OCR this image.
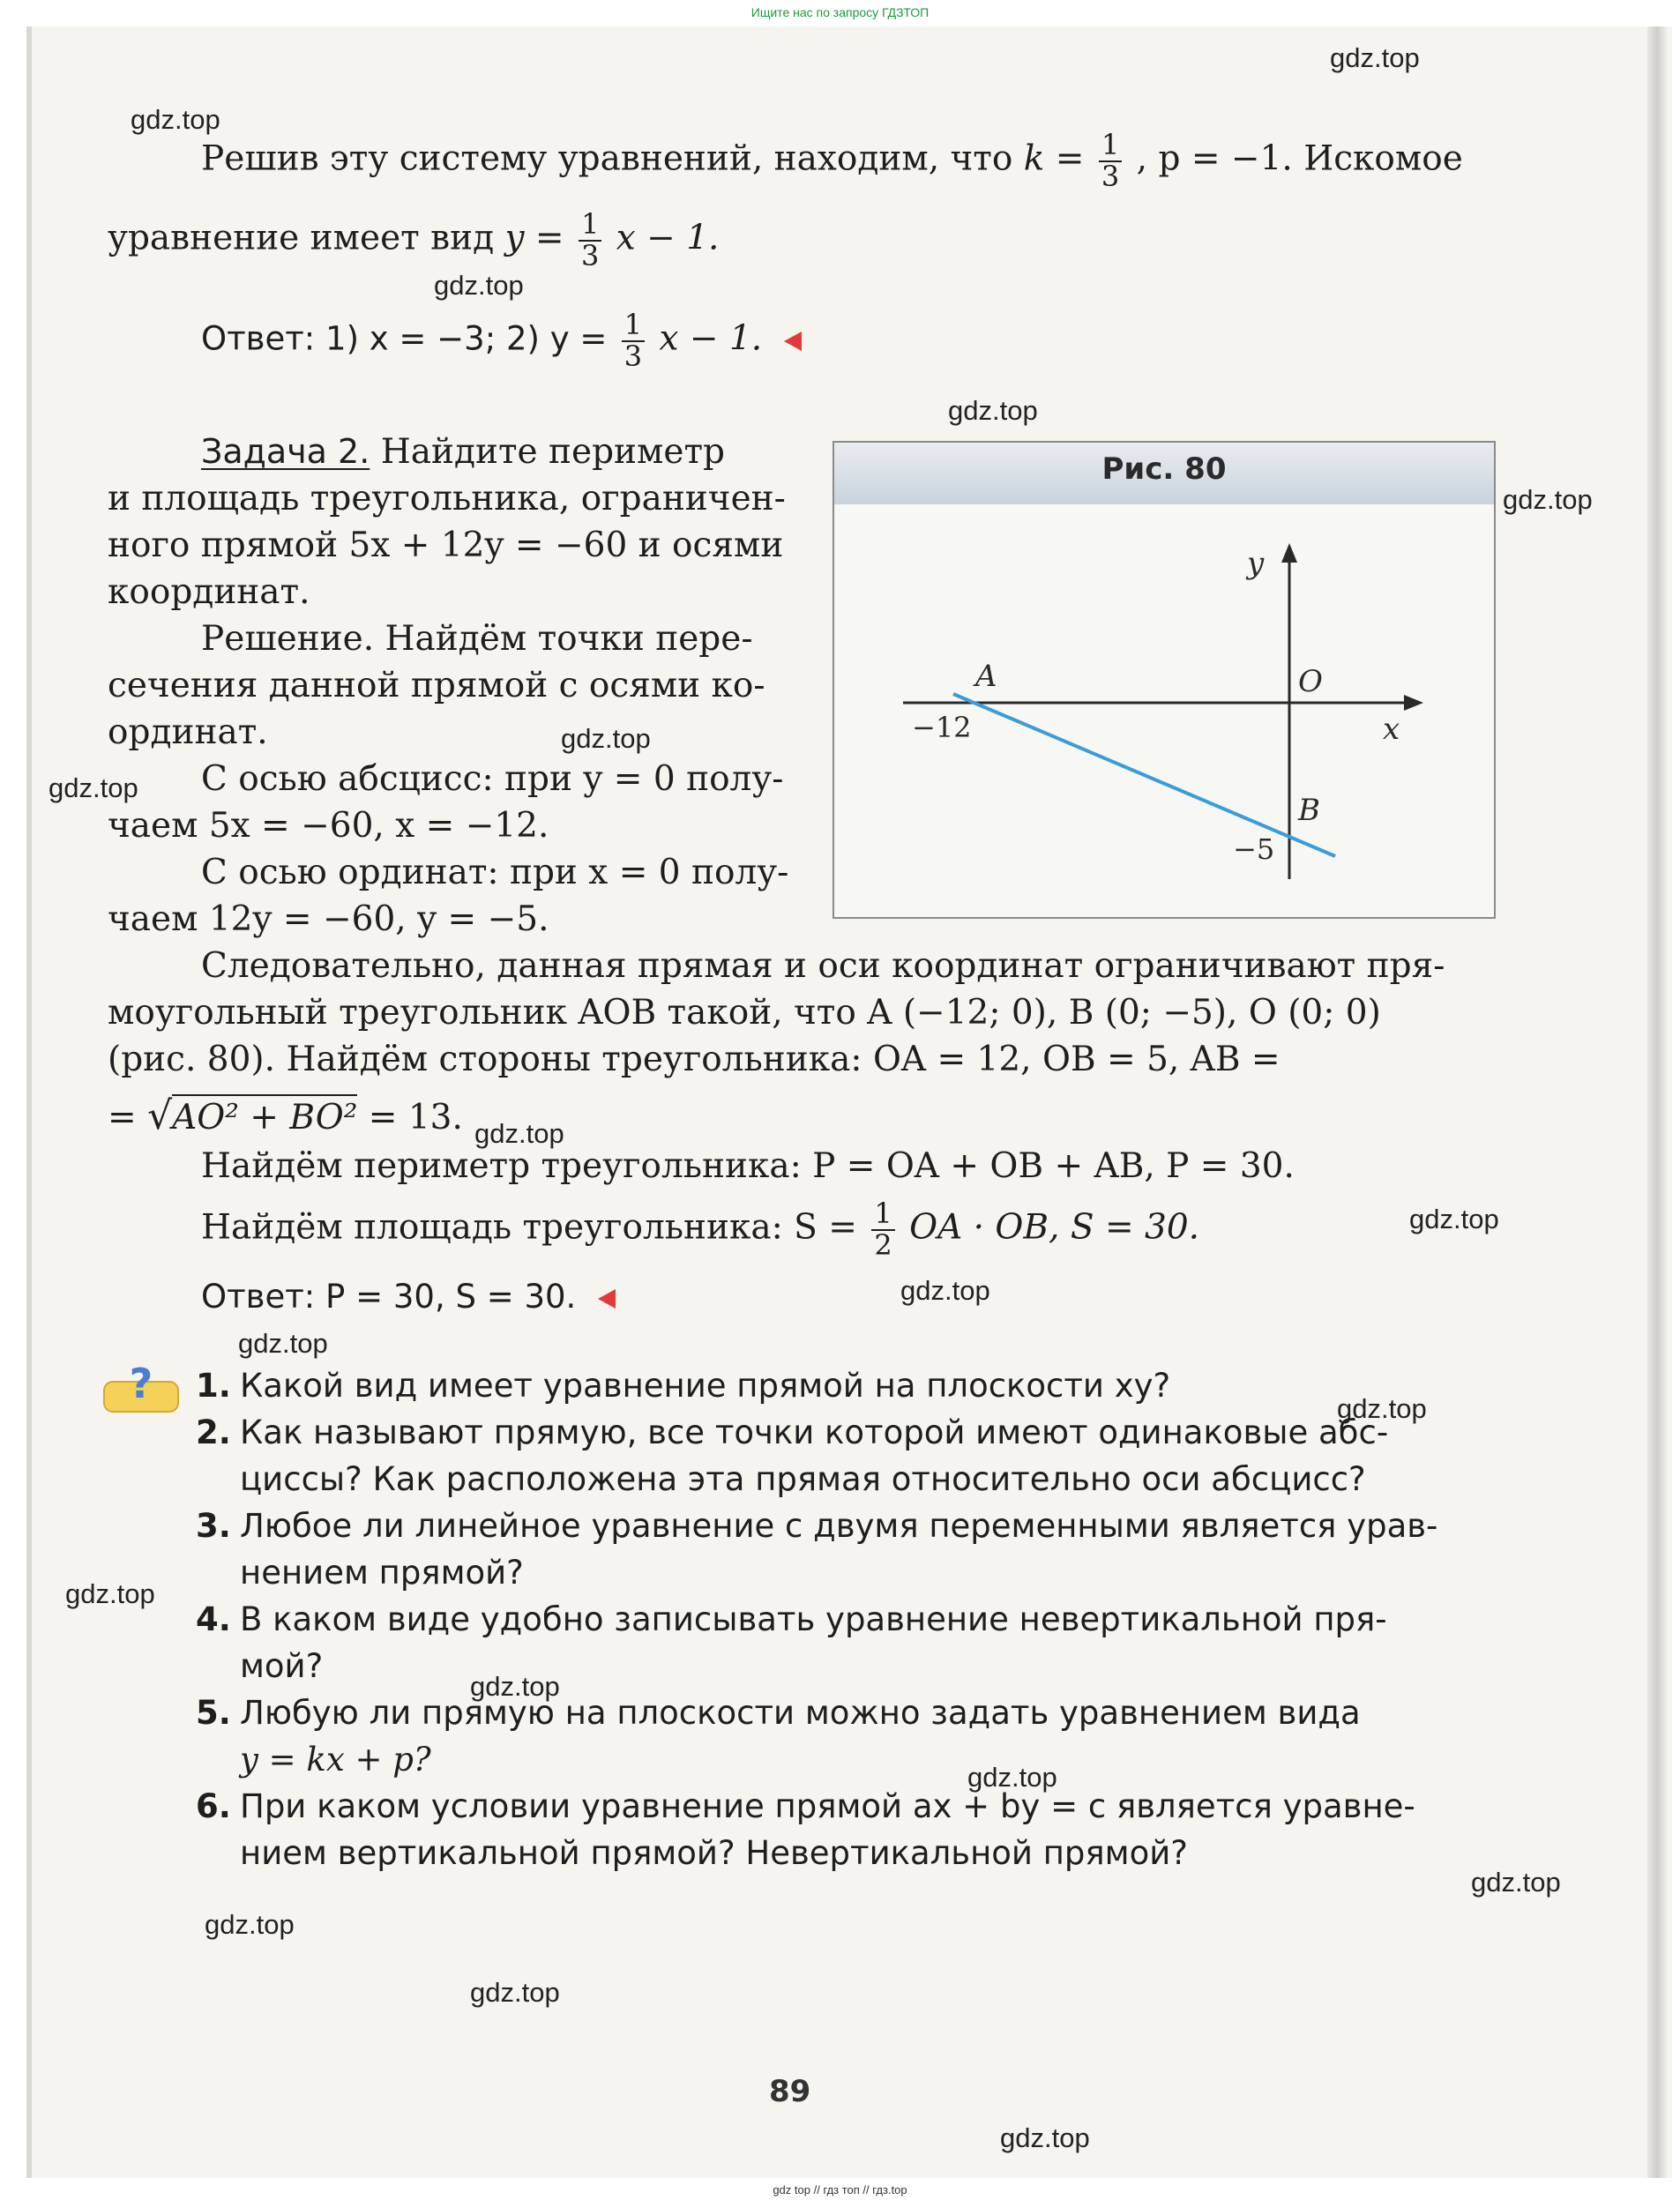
Ищите нас по запросу ГДЗТОП
gdz.top
gdz.top
gdz.top
gdz.top
gdz.top
gdz.top
gdz.top
gdz.top
gdz.top
gdz.top
gdz.top
gdz.top
gdz.top
gdz.top
gdz.top
gdz.top
gdz.top
gdz.top
gdz.top
Решив эту систему уравнений, находим, что $k = \frac{1}{3}$ , p = −1. Искомое
уравнение имеет вид $y = \frac{1}{3}$ x − 1.
Ответ: 1) x = −3; 2) $y = \frac{1}{3}$ x − 1.
Задача 2. Найдите периметр
и площадь треугольника, ограничен-
ного прямой 5x + 12y = −60 и осями
координат.
Решение. Найдём точки пере-
сечения данной прямой с осями ко-
ординат.
С осью абсцисс: при y = 0 полу-
чаем 5x = −60, x = −12.
С осью ординат: при x = 0 полу-
чаем 12y = −60, y = −5.
Рис. 80
y
x
O
A
B
−12
−5
Следовательно, данная прямая и оси координат ограничивают пря-
моугольный треугольник AOB такой, что A (−12; 0), B (0; −5), O (0; 0)
(рис. 80). Найдём стороны треугольника: OA = 12, OB = 5, AB =
= √AO² + BO² = 13.
Найдём периметр треугольника: P = OA + OB + AB, P = 30.
Найдём площадь треугольника: $S = \frac{1}{2}$ OA · OB, S = 30.
Ответ: P = 30, S = 30.
? 1. Какой вид имеет уравнение прямой на плоскости xy?
2. Как называют прямую, все точки которой имеют одинаковые абс-
циссы? Как расположена эта прямая относительно оси абсцисс?
3. Любое ли линейное уравнение с двумя переменными является урав-
нением прямой?
4. В каком виде удобно записывать уравнение невертикальной пря-
мой?
5. Любую ли прямую на плоскости можно задать уравнением вида
y = kx + p?
6. При каком условии уравнение прямой ax + by = c является уравне-
нием вертикальной прямой? Невертикальной прямой?
89
gdz top // гдз топ // гдз.top
